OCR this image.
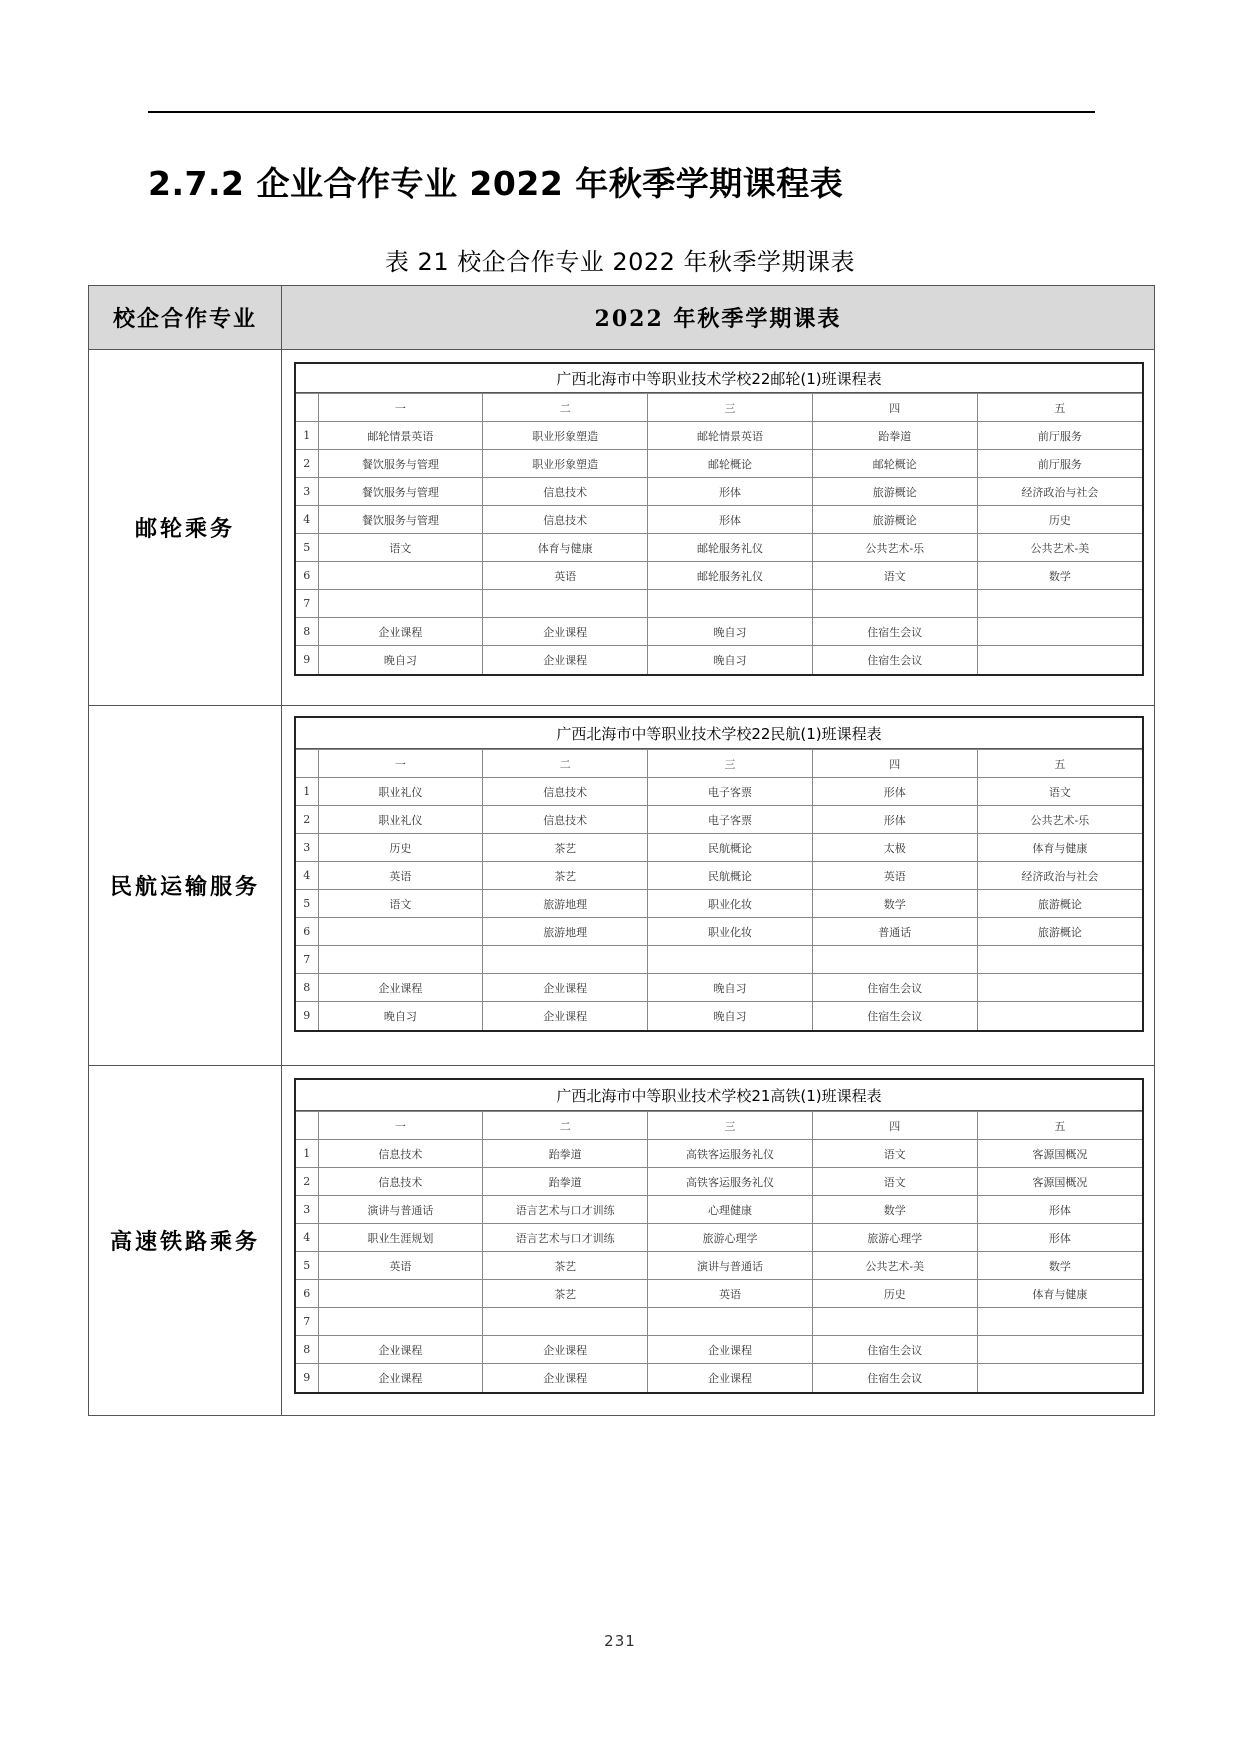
2.7.2 企业合作专业 2022 年秋季学期课程表
表 21 校企合作专业 2022 年秋季学期课表
校企合作专业	2022 年秋季学期课表
邮轮乘务	
广西北海市中等职业技术学校22邮轮(1)班课程表
	一	二	三	四	五
1	邮轮情景英语	职业形象塑造	邮轮情景英语	跆拳道	前厅服务
2	餐饮服务与管理	职业形象塑造	邮轮概论	邮轮概论	前厅服务
3	餐饮服务与管理	信息技术	形体	旅游概论	经济政治与社会
4	餐饮服务与管理	信息技术	形体	旅游概论	历史
5	语文	体育与健康	邮轮服务礼仪	公共艺术-乐	公共艺术-美
6		英语	邮轮服务礼仪	语文	数学
7					
8	企业课程	企业课程	晚自习	住宿生会议	
9	晚自习	企业课程	晚自习	住宿生会议	

民航运输服务	
广西北海市中等职业技术学校22民航(1)班课程表
	一	二	三	四	五
1	职业礼仪	信息技术	电子客票	形体	语文
2	职业礼仪	信息技术	电子客票	形体	公共艺术-乐
3	历史	茶艺	民航概论	太极	体育与健康
4	英语	茶艺	民航概论	英语	经济政治与社会
5	语文	旅游地理	职业化妆	数学	旅游概论
6		旅游地理	职业化妆	普通话	旅游概论
7					
8	企业课程	企业课程	晚自习	住宿生会议	
9	晚自习	企业课程	晚自习	住宿生会议	

高速铁路乘务	
广西北海市中等职业技术学校21高铁(1)班课程表
	一	二	三	四	五
1	信息技术	跆拳道	高铁客运服务礼仪	语文	客源国概况
2	信息技术	跆拳道	高铁客运服务礼仪	语文	客源国概况
3	演讲与普通话	语言艺术与口才训练	心理健康	数学	形体
4	职业生涯规划	语言艺术与口才训练	旅游心理学	旅游心理学	形体
5	英语	茶艺	演讲与普通话	公共艺术-美	数学
6		茶艺	英语	历史	体育与健康
7					
8	企业课程	企业课程	企业课程	住宿生会议	
9	企业课程	企业课程	企业课程	住宿生会议	
231
